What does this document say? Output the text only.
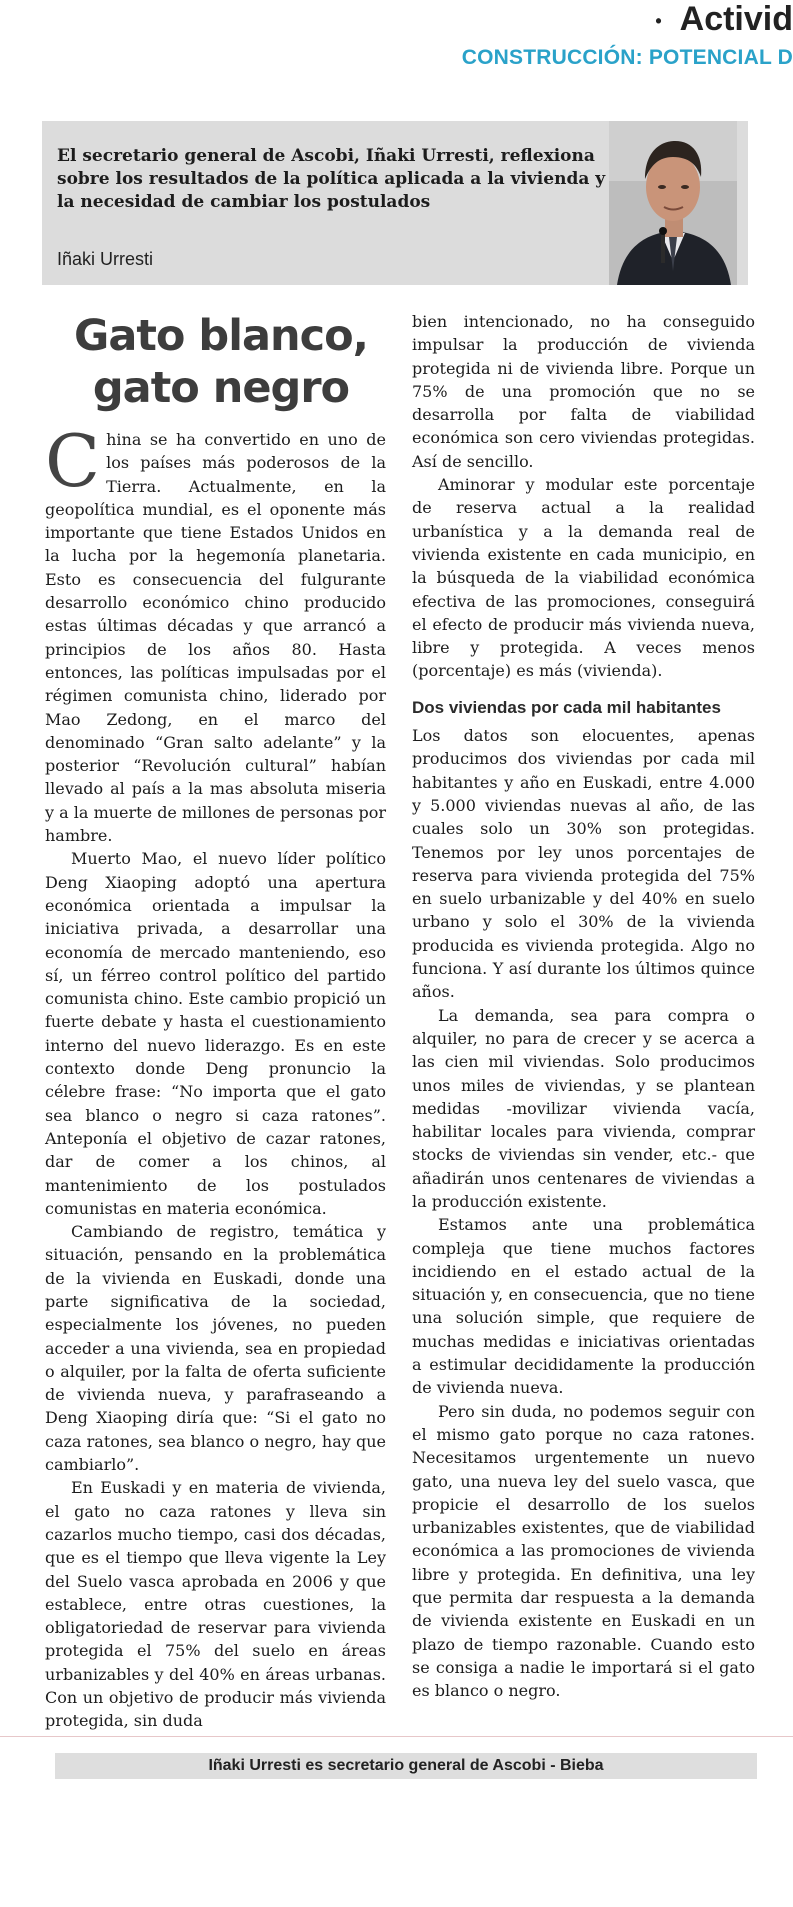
• Activid
CONSTRUCCIÓN: POTENCIAL D
El secretario general de Ascobi, Iñaki Urresti, reflexiona sobre los resultados de la política aplicada a la vivienda y la necesidad de cambiar los postulados
Iñaki Urresti
Gato blanco, gato negro

China se ha convertido en uno de los países más poderosos de la Tierra. Actualmente, en la geopolítica mundial, es el oponente más importante que tiene Estados Unidos en la lucha por la hegemonía planetaria. Esto es consecuencia del fulgurante desarrollo económico chino producido estas últimas décadas y que arrancó a principios de los años 80. Hasta entonces, las políticas impulsadas por el régimen comunista chino, liderado por Mao Zedong, en el marco del denominado “Gran salto adelante” y la posterior “Revolución cultural” habían llevado al país a la mas absoluta miseria y a la muerte de millones de personas por hambre.

Muerto Mao, el nuevo líder político Deng Xiaoping adoptó una apertura económica orientada a impulsar la iniciativa privada, a desarrollar una economía de mercado manteniendo, eso sí, un férreo control político del partido comunista chino. Este cambio propició un fuerte debate y hasta el cuestionamiento interno del nuevo liderazgo. Es en este contexto donde Deng pronuncio la célebre frase: “No importa que el gato sea blanco o negro si caza ratones”. Anteponía el objetivo de cazar ratones, dar de comer a los chinos, al mantenimiento de los postulados comunistas en materia económica.

Cambiando de registro, temática y situación, pensando en la problemática de la vivienda en Euskadi, donde una parte significativa de la sociedad, especialmente los jóvenes, no pueden acceder a una vivienda, sea en propiedad o alquiler, por la falta de oferta suficiente de vivienda nueva, y parafraseando a Deng Xiaoping diría que: “Si el gato no caza ratones, sea blanco o negro, hay que cambiarlo”.

En Euskadi y en materia de vivienda, el gato no caza ratones y lleva sin cazarlos mucho tiempo, casi dos décadas, que es el tiempo que lleva vigente la Ley del Suelo vasca aprobada en 2006 y que establece, entre otras cuestiones, la obligatoriedad de reservar para vivienda protegida el 75% del suelo en áreas urbanizables y del 40% en áreas urbanas. Con un objetivo de producir más vivienda protegida, sin duda

bien intencionado, no ha conseguido impulsar la producción de vivienda protegida ni de vivienda libre. Porque un 75% de una promoción que no se desarrolla por falta de viabilidad económica son cero viviendas protegidas. Así de sencillo.

Aminorar y modular este porcentaje de reserva actual a la realidad urbanística y a la demanda real de vivienda existente en cada municipio, en la búsqueda de la viabilidad económica efectiva de las promociones, conseguirá el efecto de producir más vivienda nueva, libre y protegida. A veces menos (porcentaje) es más (vivienda).

Dos viviendas por cada mil habitantes

Los datos son elocuentes, apenas producimos dos viviendas por cada mil habitantes y año en Euskadi, entre 4.000 y 5.000 viviendas nuevas al año, de las cuales solo un 30% son protegidas. Tenemos por ley unos porcentajes de reserva para vivienda protegida del 75% en suelo urbanizable y del 40% en suelo urbano y solo el 30% de la vivienda producida es vivienda protegida. Algo no funciona. Y así durante los últimos quince años.

La demanda, sea para compra o alquiler, no para de crecer y se acerca a las cien mil viviendas. Solo producimos unos miles de viviendas, y se plantean medidas -movilizar vivienda vacía, habilitar locales para vivienda, comprar stocks de viviendas sin vender, etc.- que añadirán unos centenares de viviendas a la producción existente.

Estamos ante una problemática compleja que tiene muchos factores incidiendo en el estado actual de la situación y, en consecuencia, que no tiene una solución simple, que requiere de muchas medidas e iniciativas orientadas a estimular decididamente la producción de vivienda nueva.

Pero sin duda, no podemos seguir con el mismo gato porque no caza ratones. Necesitamos urgentemente un nuevo gato, una nueva ley del suelo vasca, que propicie el desarrollo de los suelos urbanizables existentes, que de viabilidad económica a las promociones de vivienda libre y protegida. En definitiva, una ley que permita dar respuesta a la demanda de vivienda existente en Euskadi en un plazo de tiempo razonable. Cuando esto se consiga a nadie le importará si el gato es blanco o negro.

Iñaki Urresti es secretario general de Ascobi - Bieba
